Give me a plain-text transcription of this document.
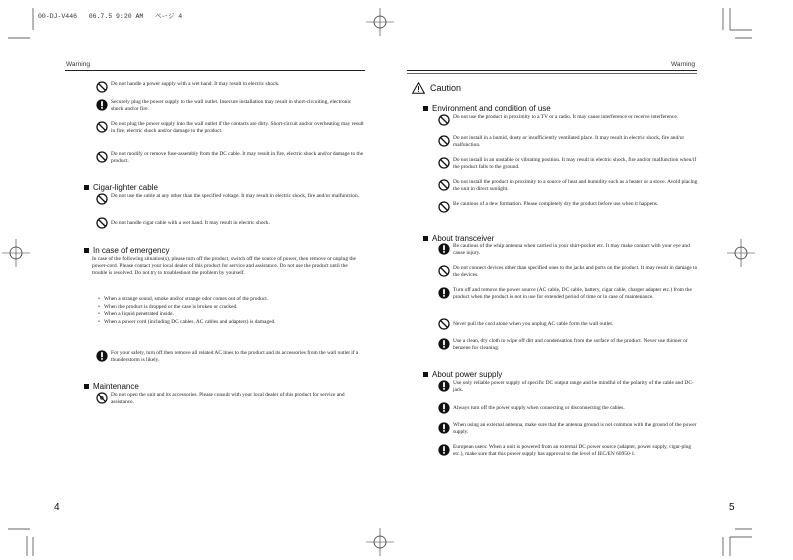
00-DJ-V446 06.7.5 9:20 AM ページ 4
Warning
Do not handle a power supply with a wet hand. It may result in electric shock.
Securely plug the power supply to the wall outlet. Insecure installation may result in short-circuiting, electronic shock and/or fire.
Do not plug the power supply into the wall outlet if the contacts are dirty. Short-circuit and/or overheating may result in fire, electric shock and/or damage to the product.
Do not modify or remove fuse-assembly from the DC cable. It may result in fire, electric shock and/or damage to the product.
Cigar-lighter cable
Do not use the cable at any other than the specified voltage. It may result in electric shock, fire and/or malfunction.
Do not handle cigar cable with a wet hand. It may result in electric shock.
In case of emergency
In case of the following situation(s), please turn off the product, switch off the source of power, then remove or unplug the power-cord. Please contact your local dealer of this product for service and assistance. Do not use the product until the trouble is resolved. Do not try to troubleshoot the problem by yourself.
• When a strange sound, smoke and/or strange odor comes out of the product.
• When the product is dropped or the case is broken or cracked.
• When a liquid penetrated inside.
• When a power cord (including DC cables, AC cables and adapters) is damaged.
For your safety, turn off then remove all related AC lines to the product and its accessories from the wall outlet if a thunderstorm is likely.
Maintenance
Do not open the unit and its accessories. Please consult with your local dealer of this product for service and assistance.
4
Warning
Caution
Environment and condition of use
Do not use the product in proximity to a TV or a radio. It may cause interference or receive interference.
Do not install in a humid, dusty or insufficiently ventilated place. It may result in electric shock, fire and/or malfunction.
Do not install in an unstable or vibrating position. It may result in electric shock, fire and/or malfunction when/if the product falls to the ground.
Do not install the product in proximity to a source of heat and humidity such as a heater or a stove. Avoid placing the unit in direct sunlight.
Be cautious of a dew formation. Please completely dry the product before use when it happens.
About transceiver
Be cautious of the whip antenna when carried in your shirt-pocket etc. It may make contact with your eye and cause injury.
Do not connect devices other than specified ones to the jacks and ports on the product. It may result in damage to the devices.
Turn off and remove the power source (AC cable, DC cable, battery, cigar cable, charger adapter etc.) from the product when the product is not in use for extended period of time or in case of maintenance.
Never pull the cord alone when you unplug AC cable form the wall outlet.
Use a clean, dry cloth to wipe off dirt and condensation from the surface of the product. Never use thinner or benzene for cleaning.
About power supply
Use only reliable power supply of specific DC output range and be mindful of the polarity of the cable and DC-jack.
Always turn off the power supply when connecting or disconnecting the cables.
When using an external antenna, make sure that the antenna ground is not common with the ground of the power supply.
European users: When a unit is powered from an external DC power source (adapter, power supply, cigar-plug etc.), make sure that this power supply has approval to the level of IEC/EN 60950-1.
5
